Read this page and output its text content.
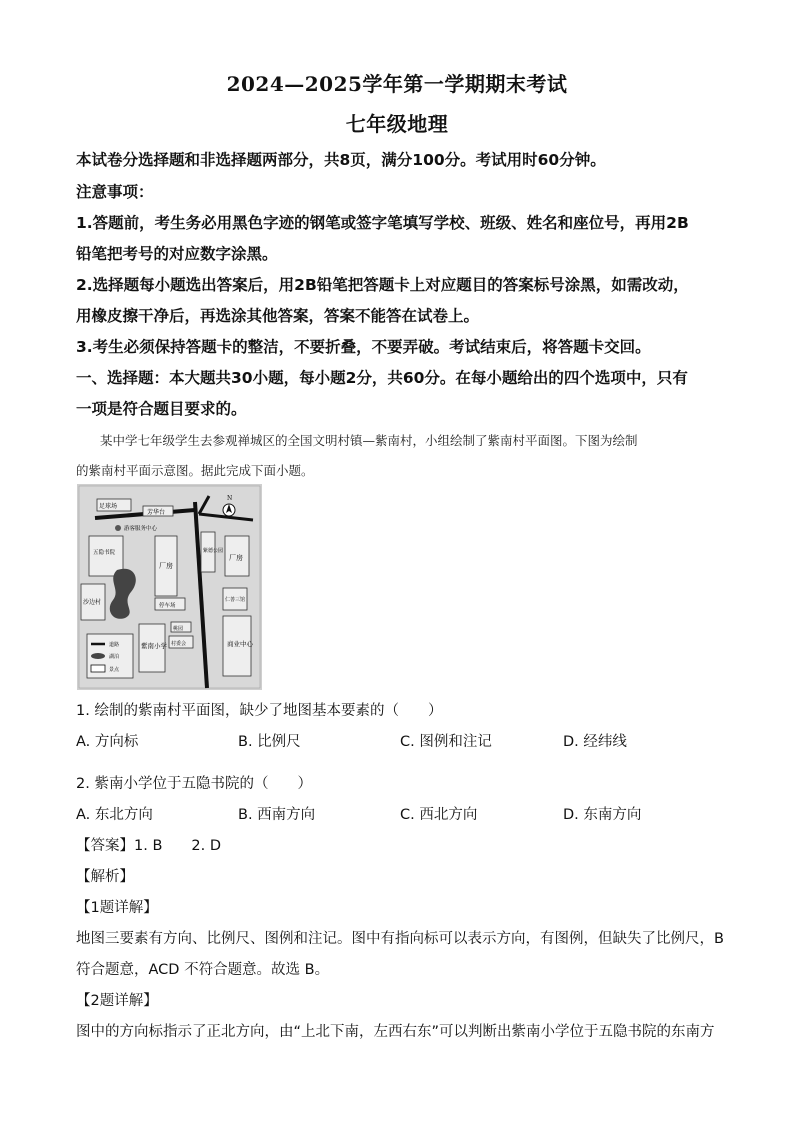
2024—2025学年第一学期期末考试
七年级地理
本试卷分选择题和非选择题两部分，共8页，满分100分。考试用时60分钟。
注意事项：
1.答题前，考生务必用黑色字迹的钢笔或签字笔填写学校、班级、姓名和座位号，再用2B
铅笔把考号的对应数字涂黑。
2.选择题每小题选出答案后，用2B铅笔把答题卡上对应题目的答案标号涂黑，如需改动，
用橡皮擦干净后，再选涂其他答案，答案不能答在试卷上。
3.考生必须保持答题卡的整洁，不要折叠，不要弄破。考试结束后，将答题卡交回。
一、选择题：本大题共30小题，每小题2分，共60分。在每小题给出的四个选项中，只有
一项是符合题目要求的。
某中学七年级学生去参观禅城区的全国文明村镇—紫南村，小组绘制了紫南村平面图。下图为绘制
的紫南村平面示意图。据此完成下面小题。
N
足球场
芳华台
游客服务中心
五隐书院
沙边村
厂房
停车场
紫德公园
厂房
仁善三馆
商业中心
桃园
村委会
紫南小学
道路
湖泊
景点
1. 绘制的紫南村平面图，缺少了地图基本要素的（　　）
A. 方向标	B. 比例尺	C. 图例和注记	D. 经纬线
2. 紫南小学位于五隐书院的（　　）
A. 东北方向	B. 西南方向	C. 西北方向	D. 东南方向
【答案】1. B　　2. D
【解析】
【1题详解】
地图三要素有方向、比例尺、图例和注记。图中有指向标可以表示方向，有图例，但缺失了比例尺，B
符合题意，ACD 不符合题意。故选 B。
【2题详解】
图中的方向标指示了正北方向，由“上北下南，左西右东”可以判断出紫南小学位于五隐书院的东南方
